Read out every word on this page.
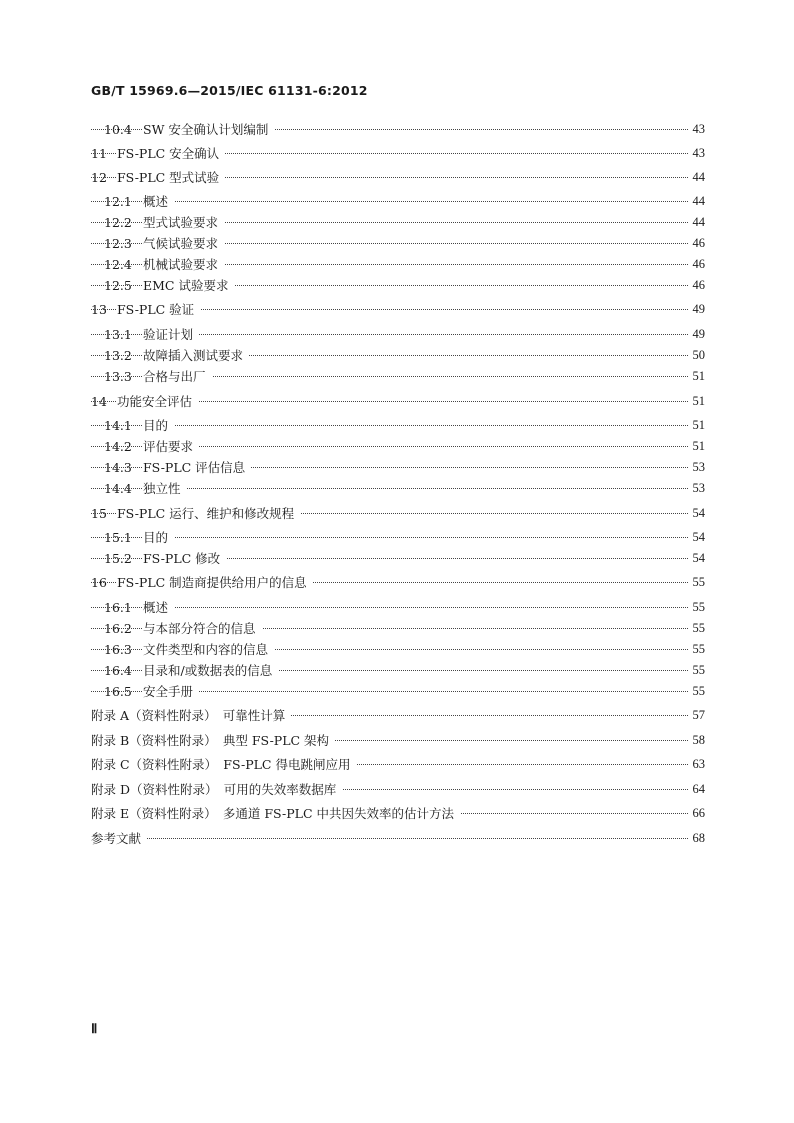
GB/T 15969.6—2015/IEC 61131-6:2012
10.4 SW 安全确认计划编制	43
11 FS-PLC 安全确认	43
12 FS-PLC 型式试验	44
12.1 概述	44
12.2 型式试验要求	44
12.3 气候试验要求	46
12.4 机械试验要求	46
12.5 EMC 试验要求	46
13 FS-PLC 验证	49
13.1 验证计划	49
13.2 故障插入测试要求	50
13.3 合格与出厂	51
14 功能安全评估	51
14.1 目的	51
14.2 评估要求	51
14.3 FS-PLC 评估信息	53
14.4 独立性	53
15 FS-PLC 运行、维护和修改规程	54
15.1 目的	54
15.2 FS-PLC 修改	54
16 FS-PLC 制造商提供给用户的信息	55
16.1 概述	55
16.2 与本部分符合的信息	55
16.3 文件类型和内容的信息	55
16.4 目录和/或数据表的信息	55
16.5 安全手册	55
附录 A（资料性附录）　可靠性计算	57
附录 B（资料性附录）　典型 FS-PLC 架构	58
附录 C（资料性附录）　FS-PLC 得电跳闸应用	63
附录 D（资料性附录）　可用的失效率数据库	64
附录 E（资料性附录）　多通道 FS-PLC 中共因失效率的估计方法	66
参考文献	68
Ⅱ
